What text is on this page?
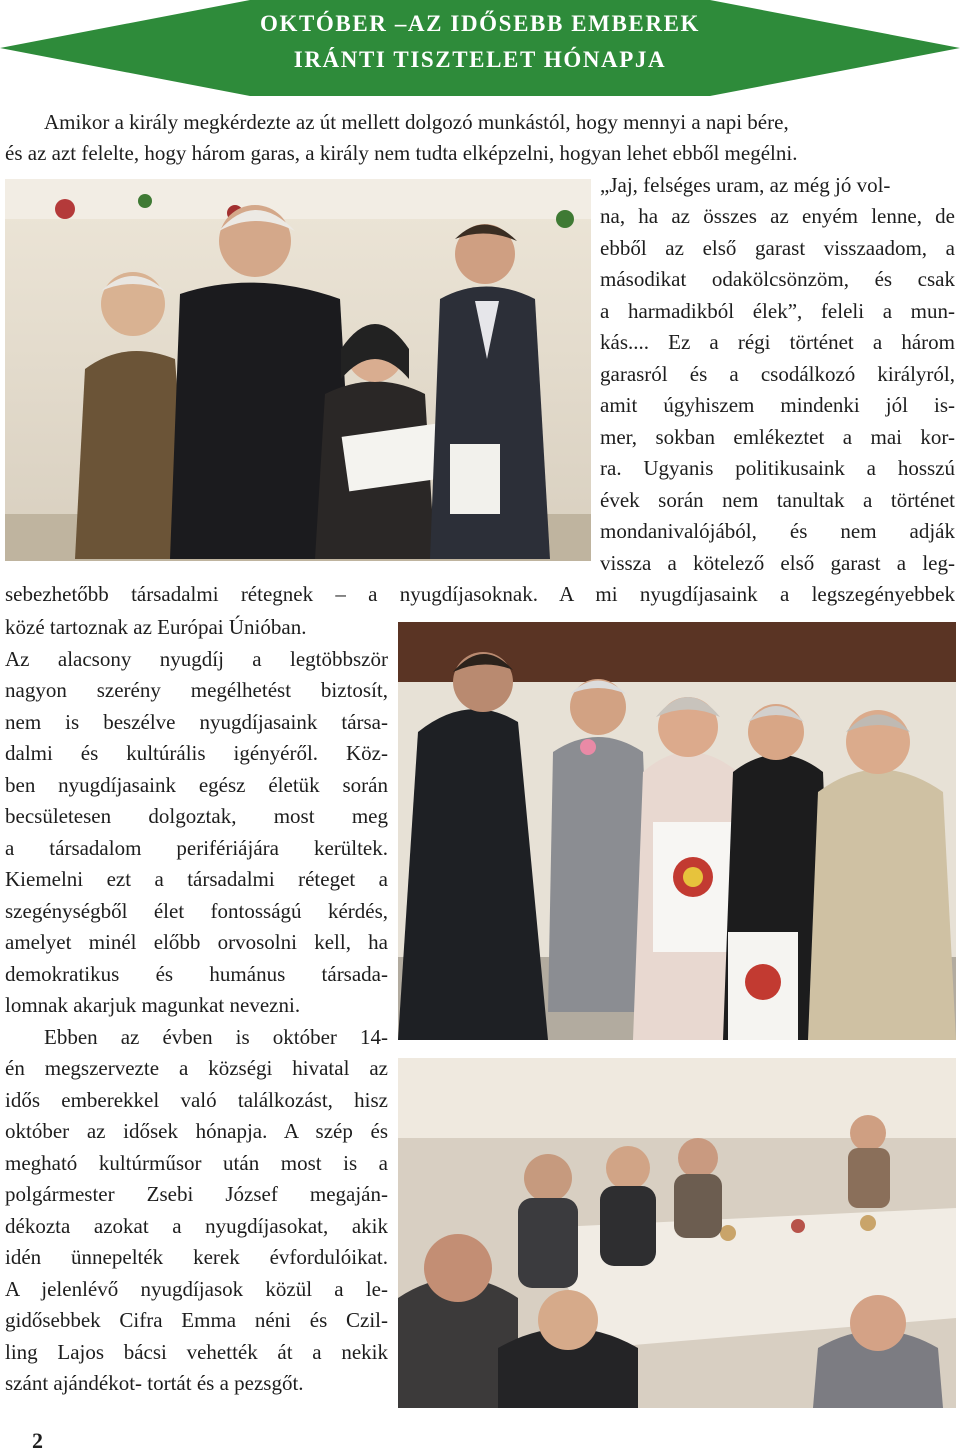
OKTÓBER –AZ IDŐSEBB EMBEREK
IRÁNTI TISZTELET HÓNAPJA
Amikor a király megkérdezte az út mellett dolgozó munkástól, hogy mennyi a napi bére,
és az azt felelte, hogy három garas, a király nem tudta elképzelni, hogyan lehet ebből megélni.
„Jaj, felséges uram, az még jó vol-
na, ha az összes az enyém lenne, de
ebből az első garast visszaadom, a
másodikat odakölcsönzöm, és csak
a harmadikból élek”, feleli a mun-
kás.... Ez a régi történet a három
garasról és a csodálkozó királyról,
amit úgyhiszem mindenki jól is-
mer, sokban emlékeztet a mai kor-
ra. Ugyanis politikusaink a hosszú
évek során nem tanultak a történet
mondanivalójából, és nem adják
vissza a kötelező első garast a leg-
sebezhetőbb társadalmi rétegnek – a nyugdíjasoknak. A mi nyugdíjasaink a legszegényebbek
közé tartoznak az Európai Únióban.
Az alacsony nyugdíj a legtöbbször
nagyon szerény megélhetést biztosít,
nem is beszélve nyugdíjasaink társa-
dalmi és kultúrális igényéről. Köz-
ben nyugdíjasaink egész életük során
becsületesen dolgoztak, most meg
a társadalom perifériájára kerültek.
Kiemelni ezt a társadalmi réteget a
szegénységből élet fontosságú kérdés,
amelyet minél előbb orvosolni kell, ha
demokratikus és humánus társada-
lomnak akarjuk magunkat nevezni.
Ebben az évben is október 14-
én megszervezte a községi hivatal az
idős emberekkel való találkozást, hisz
október az idősek hónapja. A szép és
megható kultúrműsor után most is a
polgármester Zsebi József megaján-
dékozta azokat a nyugdíjasokat, akik
idén ünnepelték kerek évfordulóikat.
A jelenlévő nyugdíjasok közül a le-
gidősebbek Cifra Emma néni és Czil-
ling Lajos bácsi vehették át a nekik
szánt ajándékot- tortát és a pezsgőt.
2
